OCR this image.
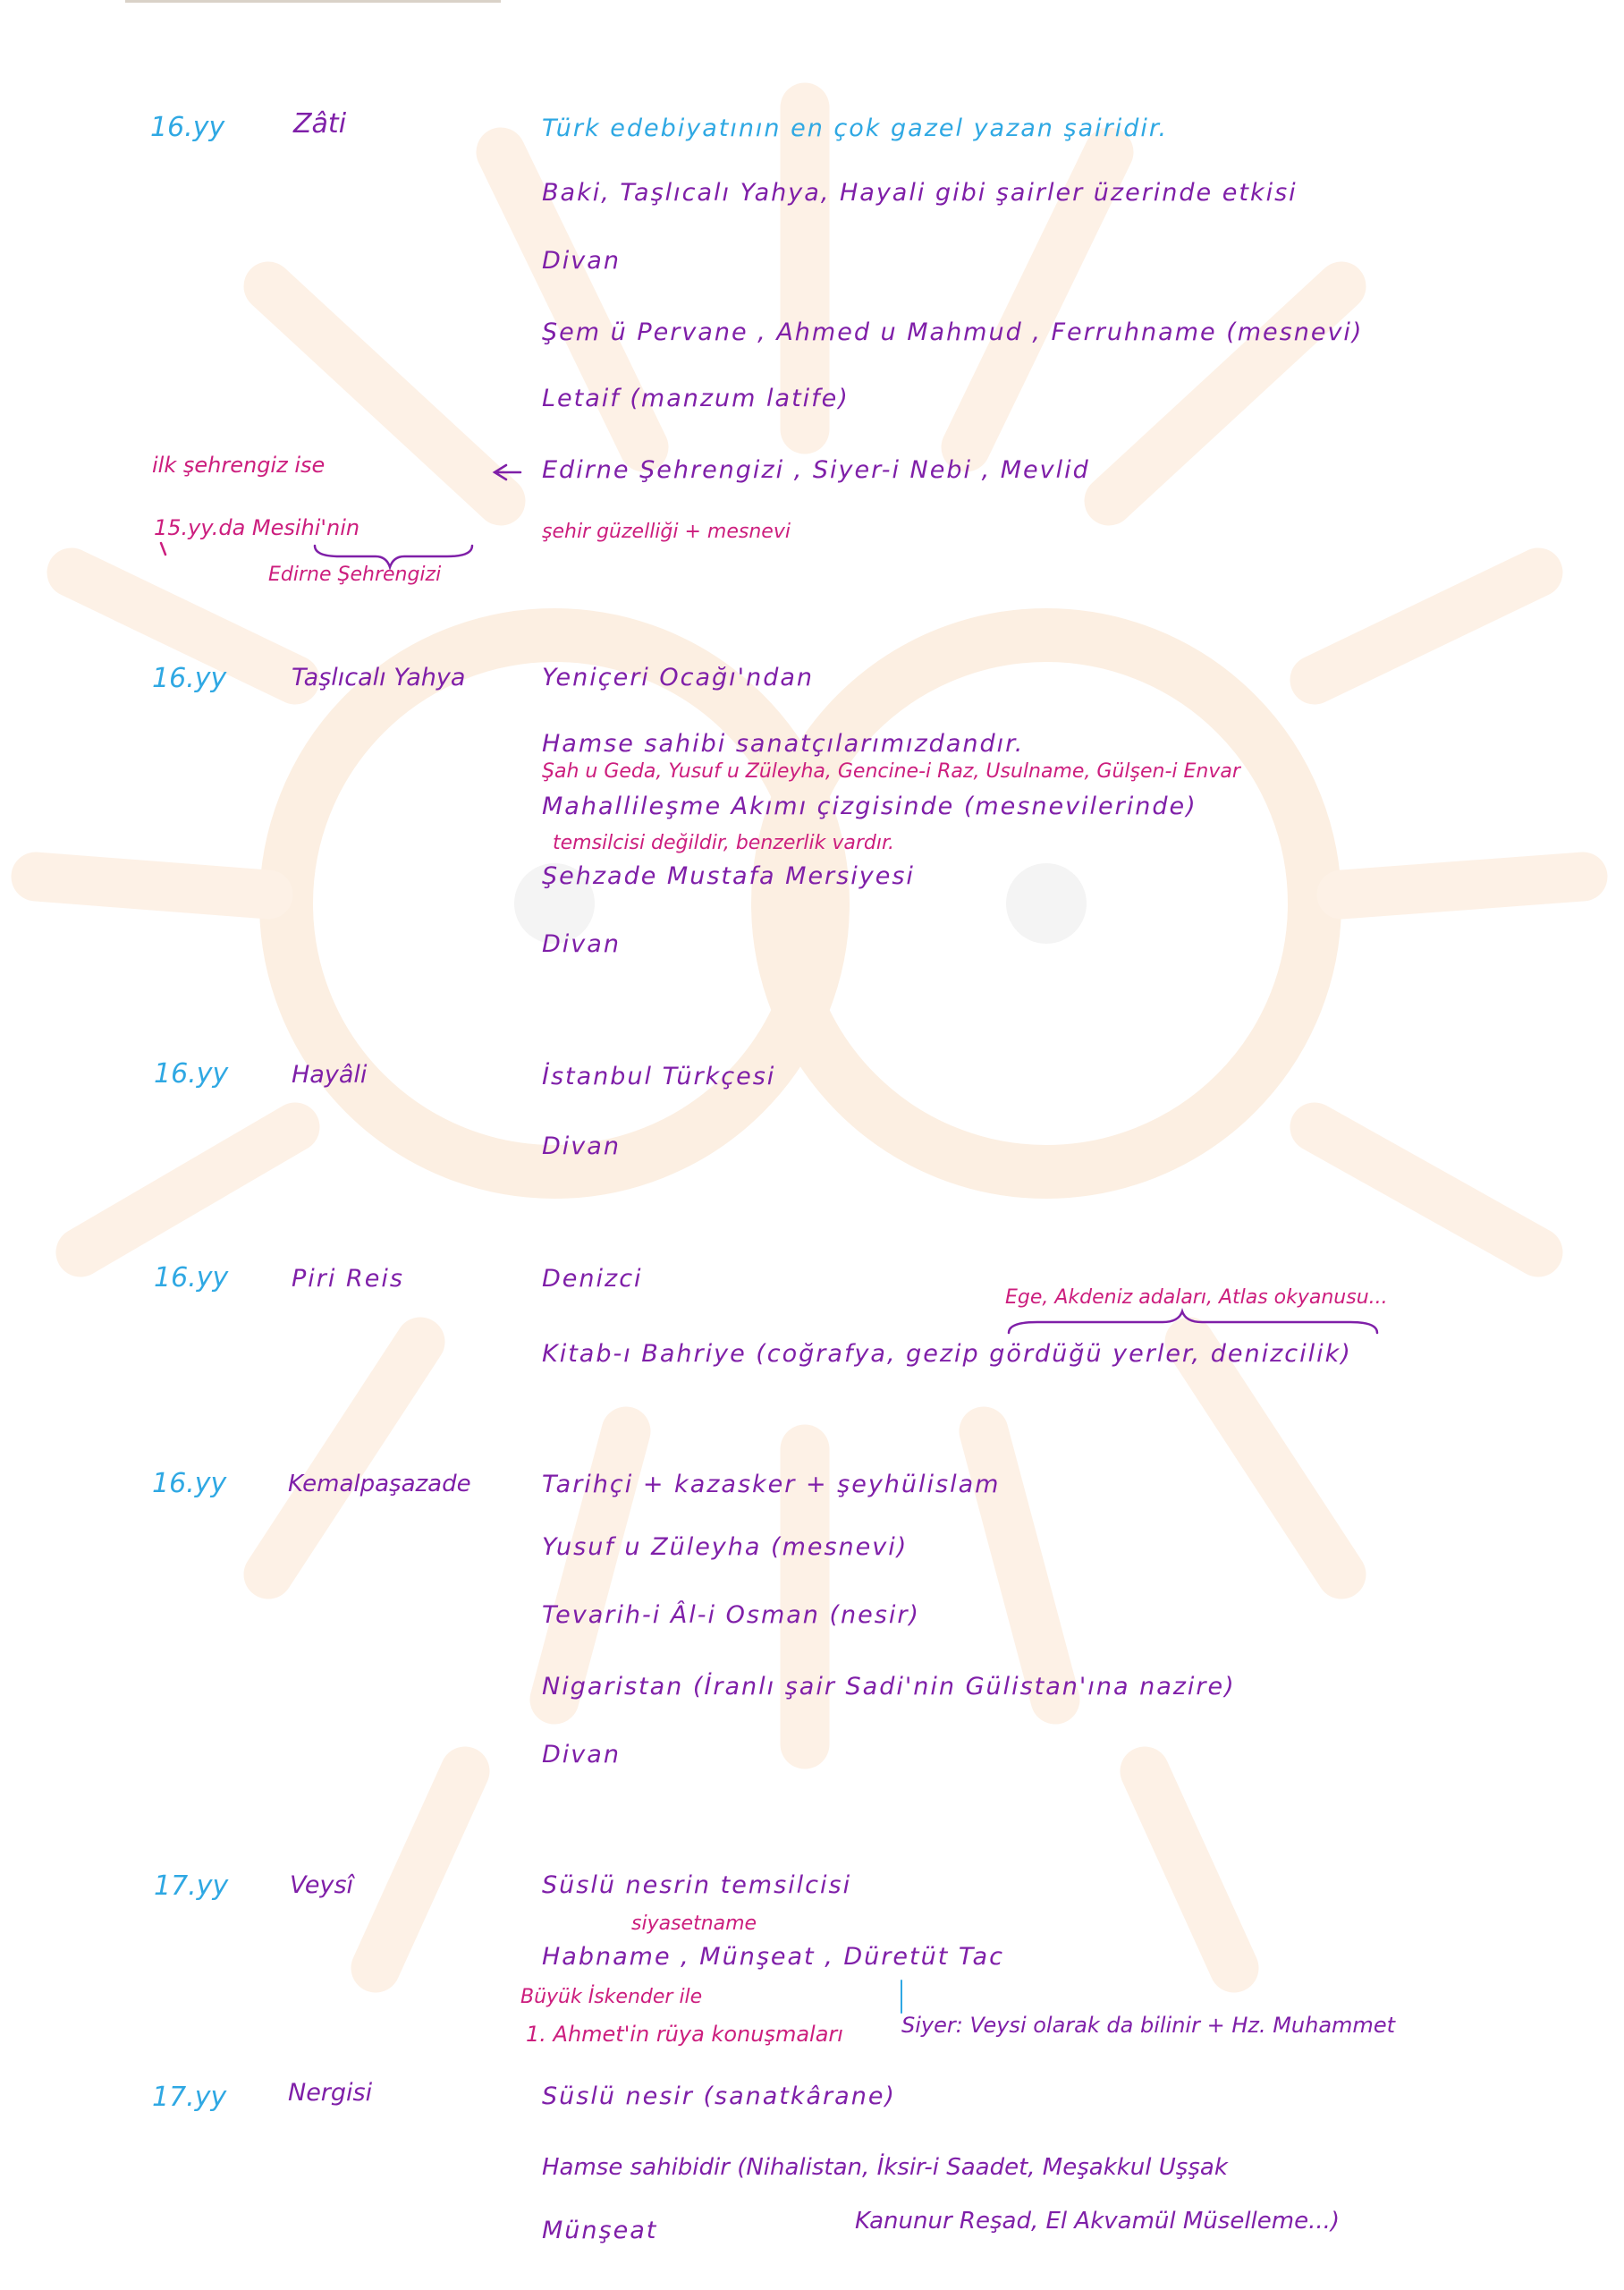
16.yy	Zâti	Türk edebiyatının en çok gazel yazan şairidir.
Baki, Taşlıcalı Yahya, Hayali gibi şairler üzerinde etkisi
Divan
Şem ü Pervane , Ahmed u Mahmud , Ferruhname (mesnevi)
Letaif (manzum latife)
ilk şehrengiz ise	Edirne Şehrengizi , Siyer-i Nebi , Mevlid
15.yy.da Mesihi'nin	şehir güzelliği + mesnevi
Edirne Şehrengizi
16.yy	Taşlıcalı Yahya	Yeniçeri Ocağı'ndan
Hamse sahibi sanatçılarımızdandır.
Şah u Geda, Yusuf u Züleyha, Gencine-i Raz, Usulname, Gülşen-i Envar
Mahallileşme Akımı çizgisinde (mesnevilerinde)
temsilcisi değildir, benzerlik vardır.
Şehzade Mustafa Mersiyesi
Divan
16.yy	Hayâli	İstanbul Türkçesi
Divan
16.yy	Piri Reis	Denizci
Ege, Akdeniz adaları, Atlas okyanusu...
Kitab-ı Bahriye (coğrafya, gezip gördüğü yerler, denizcilik)
16.yy	Kemalpaşazade	Tarihçi + kazasker + şeyhülislam
Yusuf u Züleyha (mesnevi)
Tevarih-i Âl-i Osman (nesir)
Nigaristan (İranlı şair Sadi'nin Gülistan'ına nazire)
Divan
17.yy	Veysî	Süslü nesrin temsilcisi
siyasetname
Habname , Münşeat , Düretüt Tac
Büyük İskender ile
1. Ahmet'in rüya konuşmaları	Siyer: Veysi olarak da bilinir + Hz. Muhammet
17.yy	Nergisi	Süslü nesir (sanatkârane)
Hamse sahibidir (Nihalistan, İksir-i Saadet, Meşakkul Uşşak
Kanunur Reşad, El Akvamül Müselleme...)
Münşeat
